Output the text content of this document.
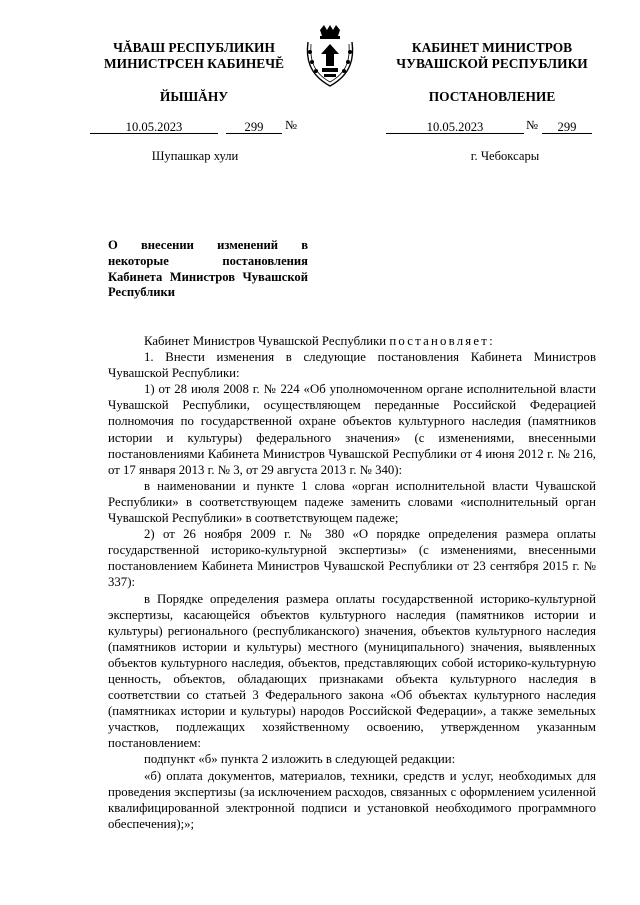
ЧĂВАШ РЕСПУБЛИКИН
МИНИСТРСЕН КАБИНЕЧĔ
ЙЫШĂНУ
КАБИНЕТ МИНИСТРОВ
ЧУВАШСКОЙ РЕСПУБЛИКИ
ПОСТАНОВЛЕНИЕ
10.05.2023	299	№	10.05.2023	№	299
Шупашкар хули	г. Чебоксары
О внесении изменений в некоторые постановления Кабинета Министров Чувашской Республики

Кабинет Министров Чувашской Республики постановляет:

1. Внести изменения в следующие постановления Кабинета Министров Чувашской Республики:

1) от 28 июля 2008 г. № 224 «Об уполномоченном органе исполнительной власти Чувашской Республики, осуществляющем переданные Российской Федерацией полномочия по государственной охране объектов культурного наследия (памятников истории и культуры) федерального значения» (с изменениями, внесенными постановлениями Кабинета Министров Чувашской Республики от 4 июня 2012 г. № 216, от 17 января 2013 г. № 3, от 29 августа 2013 г. № 340):

в наименовании и пункте 1 слова «орган исполнительной власти Чувашской Республики» в соответствующем падеже заменить словами «исполнительный орган Чувашской Республики» в соответствующем падеже;

2) от 26 ноября 2009 г. № 380 «О порядке определения размера оплаты государственной историко-культурной экспертизы» (с изменениями, внесенными постановлением Кабинета Министров Чувашской Республики от 23 сентября 2015 г. № 337):

в Порядке определения размера оплаты государственной историко-культурной экспертизы, касающейся объектов культурного наследия (памятников истории и культуры) регионального (республиканского) значения, объектов культурного наследия (памятников истории и культуры) местного (муниципального) значения, выявленных объектов культурного наследия, объектов, представляющих собой историко-культурную ценность, объектов, обладающих признаками объекта культурного наследия в соответствии со статьей 3 Федерального закона «Об объектах культурного наследия (памятниках истории и культуры) народов Российской Федерации», а также земельных участков, подлежащих хозяйственному освоению, утвержденном указанным постановлением:

подпункт «б» пункта 2 изложить в следующей редакции:

«б) оплата документов, материалов, техники, средств и услуг, необходимых для проведения экспертизы (за исключением расходов, связанных с оформлением усиленной квалифицированной электронной подписи и установкой необходимого программного обеспечения);»;
